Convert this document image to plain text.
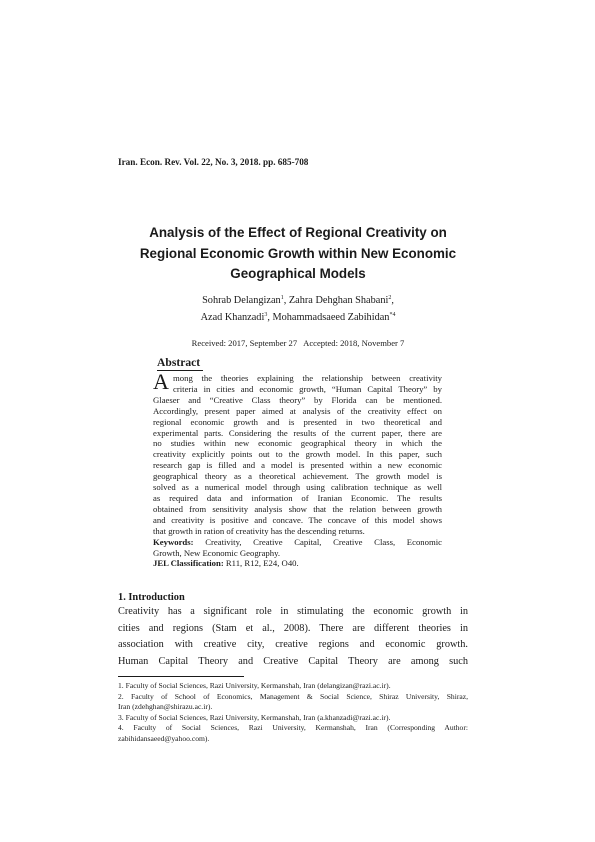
Iran. Econ. Rev. Vol. 22, No. 3, 2018. pp. 685-708
Analysis of the Effect of Regional Creativity on
Regional Economic Growth within New Economic
Geographical Models
Sohrab Delangizan$^1$, Zahra Dehghan Shabani$^2$,
Azad Khanzadi$^3$, Mohammadsaeed Zabihidan$^{*4}$
Received: 2017, September 27 Accepted: 2018, November 7
Abstract
A mong the theories explaining the relationship between creativity
criteria in cities and economic growth, “Human Capital Theory” by
Glaeser and “Creative Class theory” by Florida can be mentioned.
Accordingly, present paper aimed at analysis of the creativity effect on
regional economic growth and is presented in two theoretical and
experimental parts. Considering the results of the current paper, there are
no studies within new economic geographical theory in which the
creativity explicitly points out to the growth model. In this paper, such
research gap is filled and a model is presented within a new economic
geographical theory as a theoretical achievement. The growth model is
solved as a numerical model through using calibration technique as well
as required data and information of Iranian Economic. The results
obtained from sensitivity analysis show that the relation between growth
and creativity is positive and concave. The concave of this model shows
that growth in ration of creativity has the descending returns.
Keywords: Creativity, Creative Capital, Creative Class, Economic
Growth, New Economic Geography.
JEL Classification: R11, R12, E24, O40.
1. Introduction
Creativity has a significant role in stimulating the economic growth in
cities and regions (Stam et al., 2008). There are different theories in
association with creative city, creative regions and economic growth.
Human Capital Theory and Creative Capital Theory are among such
1. Faculty of Social Sciences, Razi University, Kermanshah, Iran (delangizan@razi.ac.ir).
2. Faculty of School of Economics, Management & Social Science, Shiraz University, Shiraz,
Iran (zdehghan@shirazu.ac.ir).
3. Faculty of Social Sciences, Razi University, Kermanshah, Iran (a.khanzadi@razi.ac.ir).
4. Faculty of Social Sciences, Razi University, Kermanshah, Iran (Corresponding Author:
zabihidansaeed@yahoo.com).
